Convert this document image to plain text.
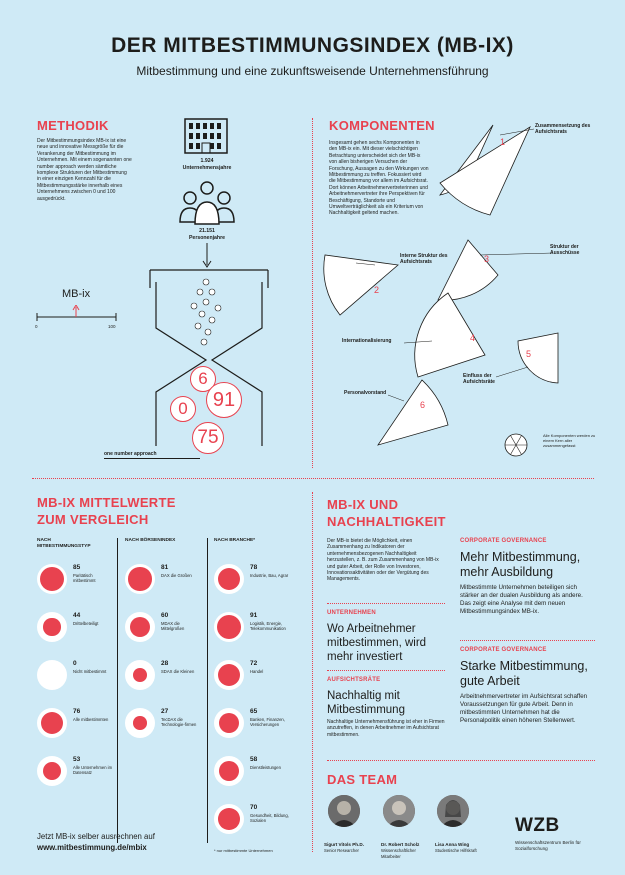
DER MITBESTIMMUNGSINDEX (MB-IX)
Mitbestimmung und eine zukunftsweisende Unternehmensführung
METHODIK
Der Mitbestimmungsindex MB-ix ist eine neue und innovative Messgröße für die Verankerung der Mitbestimmung im Unternehmen. Mit einem sogenannten one number approach werden sämtliche komplexe Strukturen der Mitbestimmung in einer einzigen Kennzahl für die Mitbestimmungsstärke innerhalb eines Unternehmens zwischen 0 und 100 ausgedrückt.
1.924
Unternehmensjahre
21.151
Personenjahre
6
0	91
75
one number approach
MB-ix
0	100
KOMPONENTEN
Insgesamt gehen sechs Komponenten in den MB-ix ein. Mit dieser vielschichtigen Betrachtung unterscheidet sich der MB-ix von allen bisherigen Versuchen der Forschung, Aussagen zu den Wirkungen von Mitbestimmung zu treffen. Fokussiert wird die Mitbestimmung vor allem im Aufsichtsrat. Dort können Arbeitnehmervertreterinnen und Arbeitnehmervertreter ihre Perspektiven für Beschäftigung, Standorte und Umweltverträglichkeit als ein Kriterium von Nachhaltigkeit geltend machen.
1
2
3
4
5
6
Zusammensetzung des Aufsichtsrats
Interne Struktur des Aufsichtsrats
Struktur der Ausschüsse
Internationalisierung
Einfluss der Aufsichtsräte
Personalvorstand
Alle Komponenten werden zu einem Kern aller zusammengefasst
MB-IX MITTELWERTE
ZUM VERGLEICH
NACH MITBESTIMMUNGSTYP
85
Paritätisch mitbestimmt
44
Drittelbeteiligt
0
Nicht mitbestimmt
76
Alle mitbestimmten
53
Alle Unternehmen im Datensatz
NACH BÖRSENINDEX
81
DAX die Großen
60
MDAX die Mittelgroßen
28
SDAX die Kleinen
27
TecDAX die Technologie-firmen
NACH BRANCHE*
78
Industrie, Bau, Agrar
91
Logistik, Energie, Telekommunikation
72
Handel
65
Banken, Finanzen, Versicherungen
58
Dienstleistungen
70
Gesundheit, Bildung, Sozialen
* nur mitbestimmte Unternehmen
Jetzt MB-ix selber ausrechnen auf
www.mitbestimmung.de/mbix
MB-IX UND
NACHHALTIGKEIT
Der MB-ix bietet die Möglichkeit, einen Zusammenhang zu Indikatoren der unternehmensbezogenen Nachhaltigkeit herzustellen, z. B. zum Zusammenhang von MB-ix und guter Arbeit, der Rolle von Investoren, Innovationsaktivitäten oder der Vergütung des Managements.
UNTERNEHMEN
Wo Arbeitnehmer mitbestimmen, wird mehr investiert
AUFSICHTSRÄTE
Nachhaltig mit Mitbestimmung
Nachhaltige Unternehmensführung ist eher in Firmen anzutreffen, in denen Arbeitnehmer im Aufsichtsrat mitbestimmen.
CORPORATE GOVERNANCE
Mehr Mitbestimmung, mehr Ausbildung
Mitbestimmte Unternehmen beteiligen sich stärker an der dualen Ausbildung als andere. Das zeigt eine Analyse mit dem neuen Mitbestimmungsindex MB-ix.
CORPORATE GOVERNANCE
Starke Mitbestimmung, gute Arbeit
Arbeitnehmervertreter im Aufsichtsrat schaffen Voraussetzungen für gute Arbeit. Denn in mitbestimmten Unternehmen hat die Personalpolitik einen höheren Stellenwert.
DAS TEAM
Sigurt Vitols Ph.D.
Senior Researcher
Dr. Robert Scholz
Wissenschaftlicher Mitarbeiter
Lisa Anna Wing
Studentische Hilfskraft
WZB
Wissenschaftszentrum Berlin für Sozialforschung
